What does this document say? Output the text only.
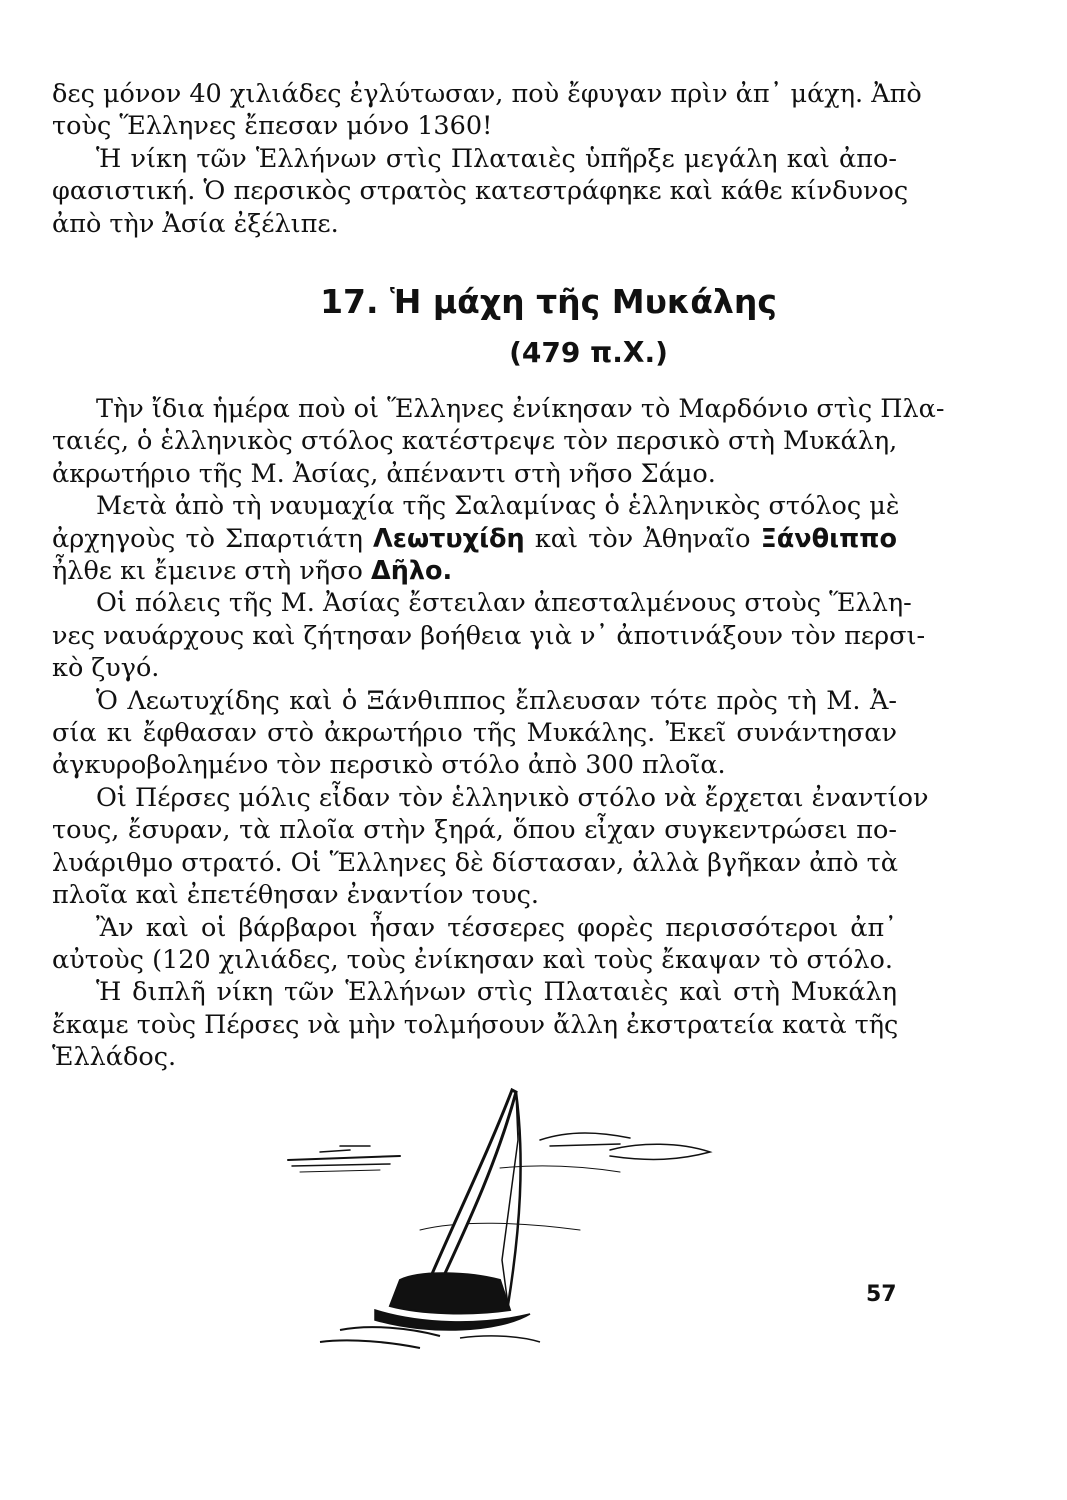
δες μόνον 40 χιλιάδες ἐγλύτωσαν, ποὺ ἔφυγαν πρὶν ἀπ᾽ μάχη. Ἀπὸ
τοὺς Ἕλληνες ἔπεσαν μόνο 1360!
Ἡ νίκη τῶν Ἑλλήνων στὶς Πλαταιὲς ὑπῆρξε μεγάλη καὶ ἀπο-
φασιστική. Ὁ περσικὸς στρατὸς κατεστράφηκε καὶ κάθε κίνδυνος
ἀπὸ τὴν Ἀσία ἐξέλιπε.
17. Ἡ μάχη τῆς Μυκάλης
(479 π.Χ.)
Τὴν ἴδια ἡμέρα ποὺ οἱ Ἕλληνες ἐνίκησαν τὸ Μαρδόνιο στὶς Πλα-
ταιές, ὁ ἑλληνικὸς στόλος κατέστρεψε τὸν περσικὸ στὴ Μυκάλη,
ἀκρωτήριο τῆς Μ. Ἀσίας, ἀπέναντι στὴ νῆσο Σάμο.
Μετὰ ἀπὸ τὴ ναυμαχία τῆς Σαλαμίνας ὁ ἑλληνικὸς στόλος μὲ
ἀρχηγοὺς τὸ Σπαρτιάτη Λεωτυχίδη καὶ τὸν Ἀθηναῖο Ξάνθιππο
ἦλθε κι ἔμεινε στὴ νῆσο Δῆλο.
Οἱ πόλεις τῆς Μ. Ἀσίας ἔστειλαν ἀπεσταλμένους στοὺς Ἕλλη-
νες ναυάρχους καὶ ζήτησαν βοήθεια γιὰ ν᾽ ἀποτινάξουν τὸν περσι-
κὸ ζυγό.
Ὁ Λεωτυχίδης καὶ ὁ Ξάνθιππος ἔπλευσαν τότε πρὸς τὴ Μ. Ἀ-
σία κι ἔφθασαν στὸ ἀκρωτήριο τῆς Μυκάλης. Ἐκεῖ συνάντησαν
ἀγκυροβολημένο τὸν περσικὸ στόλο ἀπὸ 300 πλοῖα.
Οἱ Πέρσες μόλις εἶδαν τὸν ἑλληνικὸ στόλο νὰ ἔρχεται ἐναντίον
τους, ἔσυραν, τὰ πλοῖα στὴν ξηρά, ὅπου εἶχαν συγκεντρώσει πο-
λυάριθμο στρατό. Οἱ Ἕλληνες δὲ δίστασαν, ἀλλὰ βγῆκαν ἀπὸ τὰ
πλοῖα καὶ ἐπετέθησαν ἐναντίον τους.
Ἂν καὶ οἱ βάρβαροι ἦσαν τέσσερες φορὲς περισσότεροι ἀπ᾽
αὐτοὺς (120 χιλιάδες, τοὺς ἐνίκησαν καὶ τοὺς ἔκαψαν τὸ στόλο.
Ἡ διπλῆ νίκη τῶν Ἑλλήνων στὶς Πλαταιὲς καὶ στὴ Μυκάλη
ἔκαμε τοὺς Πέρσες νὰ μὴν τολμήσουν ἄλλη ἐκστρατεία κατὰ τῆς
Ἑλλάδος.
57
